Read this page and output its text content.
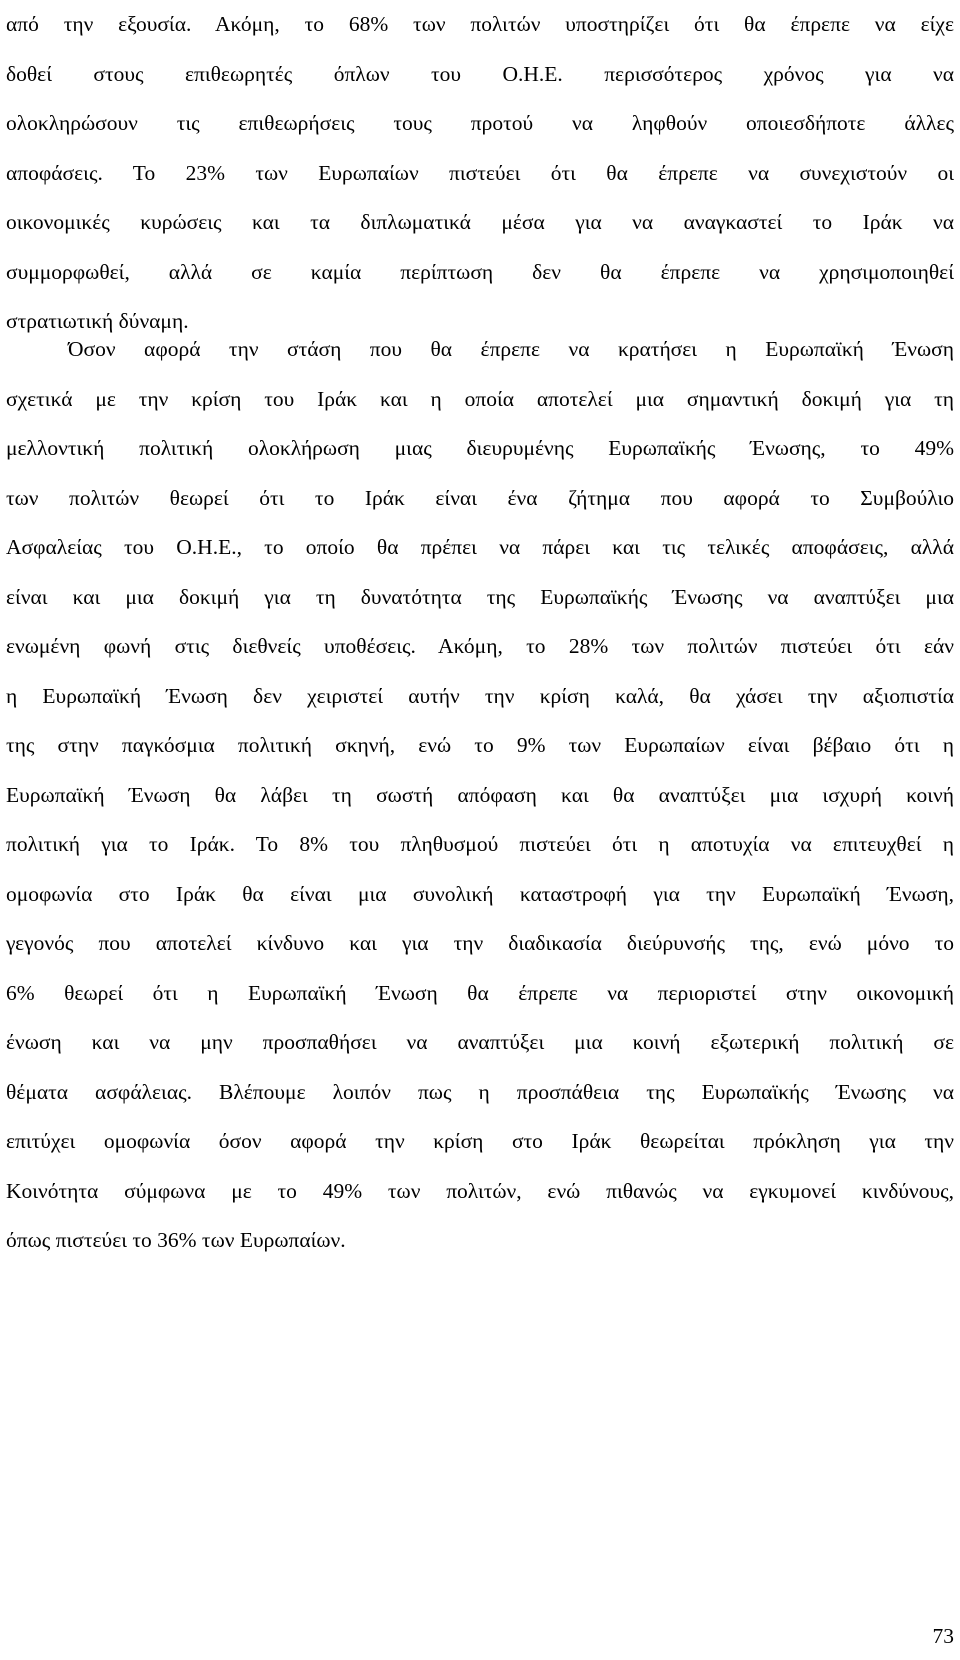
από την εξουσία. Ακόμη, το 68% των πολιτών υποστηρίζει ότι θα έπρεπε να είχε
δοθεί στους επιθεωρητές όπλων του Ο.Η.Ε. περισσότερος χρόνος για να
ολοκληρώσουν τις επιθεωρήσεις τους προτού να ληφθούν οποιεσδήποτε άλλες
αποφάσεις. Το 23% των Ευρωπαίων πιστεύει ότι θα έπρεπε να συνεχιστούν οι
οικονομικές κυρώσεις και τα διπλωματικά μέσα για να αναγκαστεί το Ιράκ να
συμμορφωθεί, αλλά σε καμία περίπτωση δεν θα έπρεπε να χρησιμοποιηθεί
στρατιωτική δύναμη.
Όσον αφορά την στάση που θα έπρεπε να κρατήσει η Ευρωπαϊκή Ένωση
σχετικά με την κρίση του Ιράκ και η οποία αποτελεί μια σημαντική δοκιμή για τη
μελλοντική πολιτική ολοκλήρωση μιας διευρυμένης Ευρωπαϊκής Ένωσης, το 49%
των πολιτών θεωρεί ότι το Ιράκ είναι ένα ζήτημα που αφορά το Συμβούλιο
Ασφαλείας του Ο.Η.Ε., το οποίο θα πρέπει να πάρει και τις τελικές αποφάσεις, αλλά
είναι και μια δοκιμή για τη δυνατότητα της Ευρωπαϊκής Ένωσης να αναπτύξει μια
ενωμένη φωνή στις διεθνείς υποθέσεις. Ακόμη, το 28% των πολιτών πιστεύει ότι εάν
η Ευρωπαϊκή Ένωση δεν χειριστεί αυτήν την κρίση καλά, θα χάσει την αξιοπιστία
της στην παγκόσμια πολιτική σκηνή, ενώ το 9% των Ευρωπαίων είναι βέβαιο ότι η
Ευρωπαϊκή Ένωση θα λάβει τη σωστή απόφαση και θα αναπτύξει μια ισχυρή κοινή
πολιτική για το Ιράκ. Το 8% του πληθυσμού πιστεύει ότι η αποτυχία να επιτευχθεί η
ομοφωνία στο Ιράκ θα είναι μια συνολική καταστροφή για την Ευρωπαϊκή Ένωση,
γεγονός που αποτελεί κίνδυνο και για την διαδικασία διεύρυνσής της, ενώ μόνο το
6% θεωρεί ότι η Ευρωπαϊκή Ένωση θα έπρεπε να περιοριστεί στην οικονομική
ένωση και να μην προσπαθήσει να αναπτύξει μια κοινή εξωτερική πολιτική σε
θέματα ασφάλειας. Βλέπουμε λοιπόν πως η προσπάθεια της Ευρωπαϊκής Ένωσης να
επιτύχει ομοφωνία όσον αφορά την κρίση στο Ιράκ θεωρείται πρόκληση για την
Κοινότητα σύμφωνα με το 49% των πολιτών, ενώ πιθανώς να εγκυμονεί κινδύνους,
όπως πιστεύει το 36% των Ευρωπαίων.
73
